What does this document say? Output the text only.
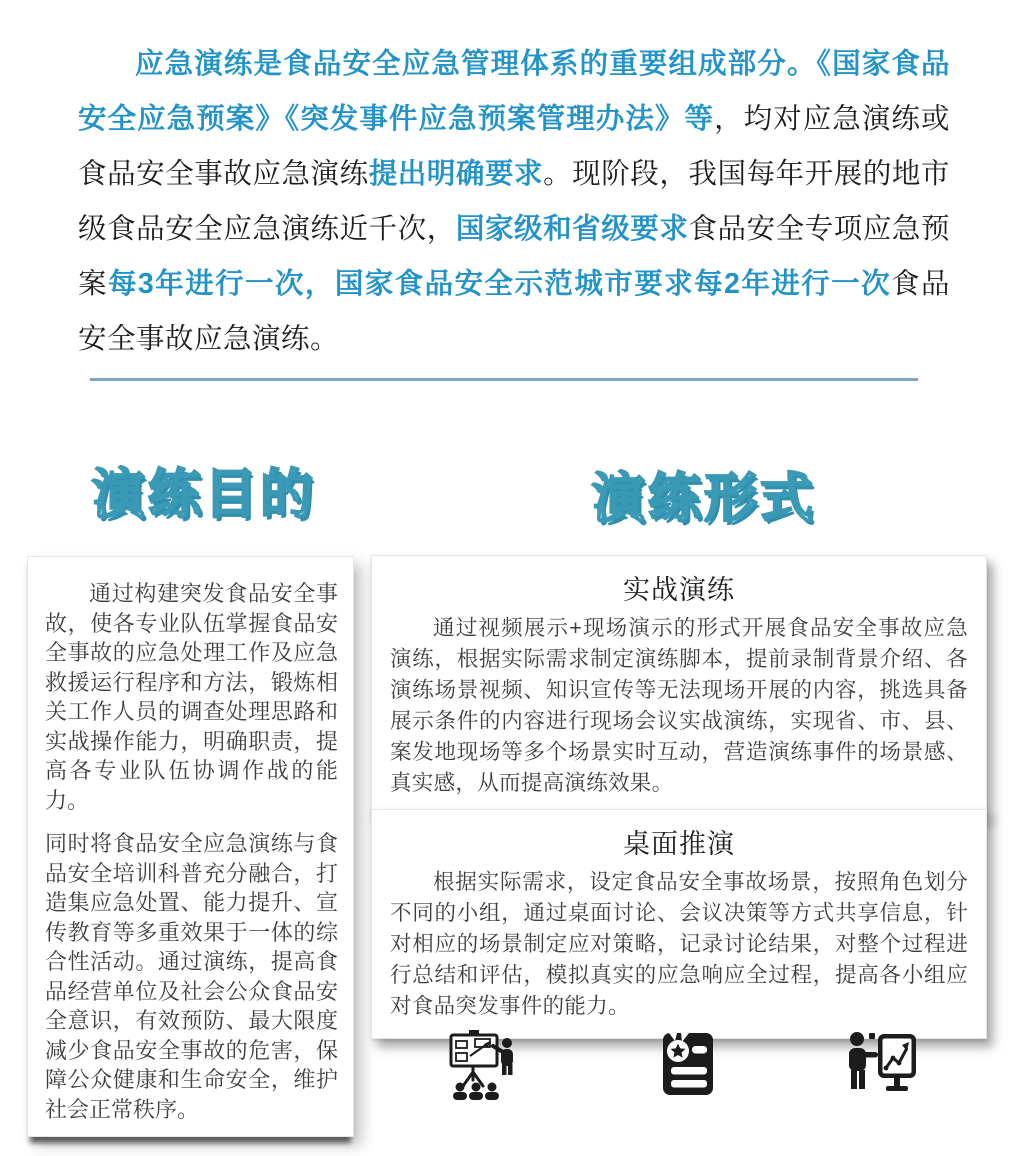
应急演练是食品安全应急管理体系的重要组成部分。《国家食品安全应急预案》《突发事件应急预案管理办法》等，均对应急演练或食品安全事故应急演练提出明确要求。现阶段，我国每年开展的地市级食品安全应急演练近千次，国家级和省级要求食品安全专项应急预案每3年进行一次，国家食品安全示范城市要求每2年进行一次食品安全事故应急演练。

演练目的	演练形式

通过构建突发食品安全事故，使各专业队伍掌握食品安全事故的应急处理工作及应急救援运行程序和方法，锻炼相关工作人员的调查处理思路和实战操作能力，明确职责，提高各专业队伍协调作战的能力。

同时将食品安全应急演练与食品安全培训科普充分融合，打造集应急处置、能力提升、宣传教育等多重效果于一体的综合性活动。通过演练，提高食品经营单位及社会公众食品安全意识，有效预防、最大限度减少食品安全事故的危害，保障公众健康和生命安全，维护社会正常秩序。

实战演练

通过视频展示+现场演示的形式开展食品安全事故应急演练，根据实际需求制定演练脚本，提前录制背景介绍、各演练场景视频、知识宣传等无法现场开展的内容，挑选具备展示条件的内容进行现场会议实战演练，实现省、市、县、案发地现场等多个场景实时互动，营造演练事件的场景感、真实感，从而提高演练效果。

桌面推演

根据实际需求，设定食品安全事故场景，按照角色划分不同的小组，通过桌面讨论、会议决策等方式共享信息，针对相应的场景制定应对策略，记录讨论结果，对整个过程进行总结和评估，模拟真实的应急响应全过程，提高各小组应对食品突发事件的能力。
